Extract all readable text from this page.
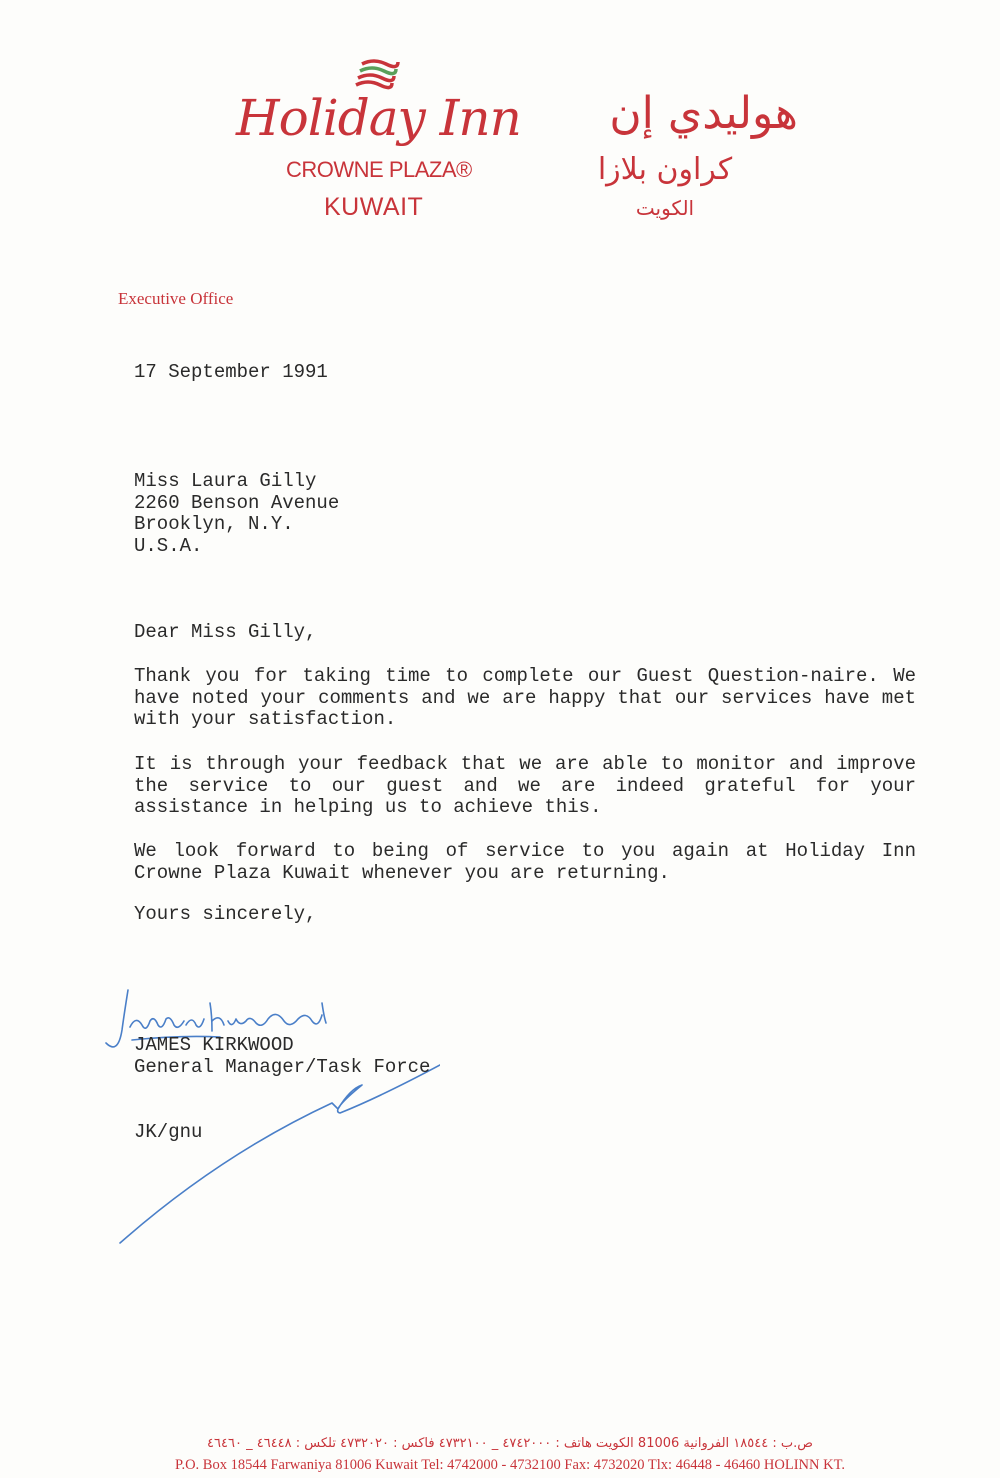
Holiday Inn
CROWNE PLAZA®
KUWAIT
هوليدي إن
كراون بلازا
الكويت
Executive Office
17 September 1991
Miss Laura Gilly
2260 Benson Avenue
Brooklyn, N.Y.
U.S.A.
Dear Miss Gilly,
Thank you for taking time to complete our Guest Question-naire. We have noted your comments and we are happy that our services have met with your satisfaction.
It is through your feedback that we are able to monitor and improve the service to our guest and we are indeed grateful for your assistance in helping us to achieve this.
We look forward to being of service to you again at Holiday Inn Crowne Plaza Kuwait whenever you are returning.
Yours sincerely,
JAMES KIRKWOOD
General Manager/Task Force
JK/gnu
ص.ب : ١٨٥٤٤ الفروانية 81006 الكويت هاتف : ٤٧٤٢٠٠٠ _ ٤٧٣٢١٠٠ فاكس : ٤٧٣٢٠٢٠ تلكس : ٤٦٤٤٨ _ ٤٦٤٦٠
P.O. Box 18544 Farwaniya 81006 Kuwait Tel: 4742000 - 4732100 Fax: 4732020 Tlx: 46448 - 46460 HOLINN KT.
